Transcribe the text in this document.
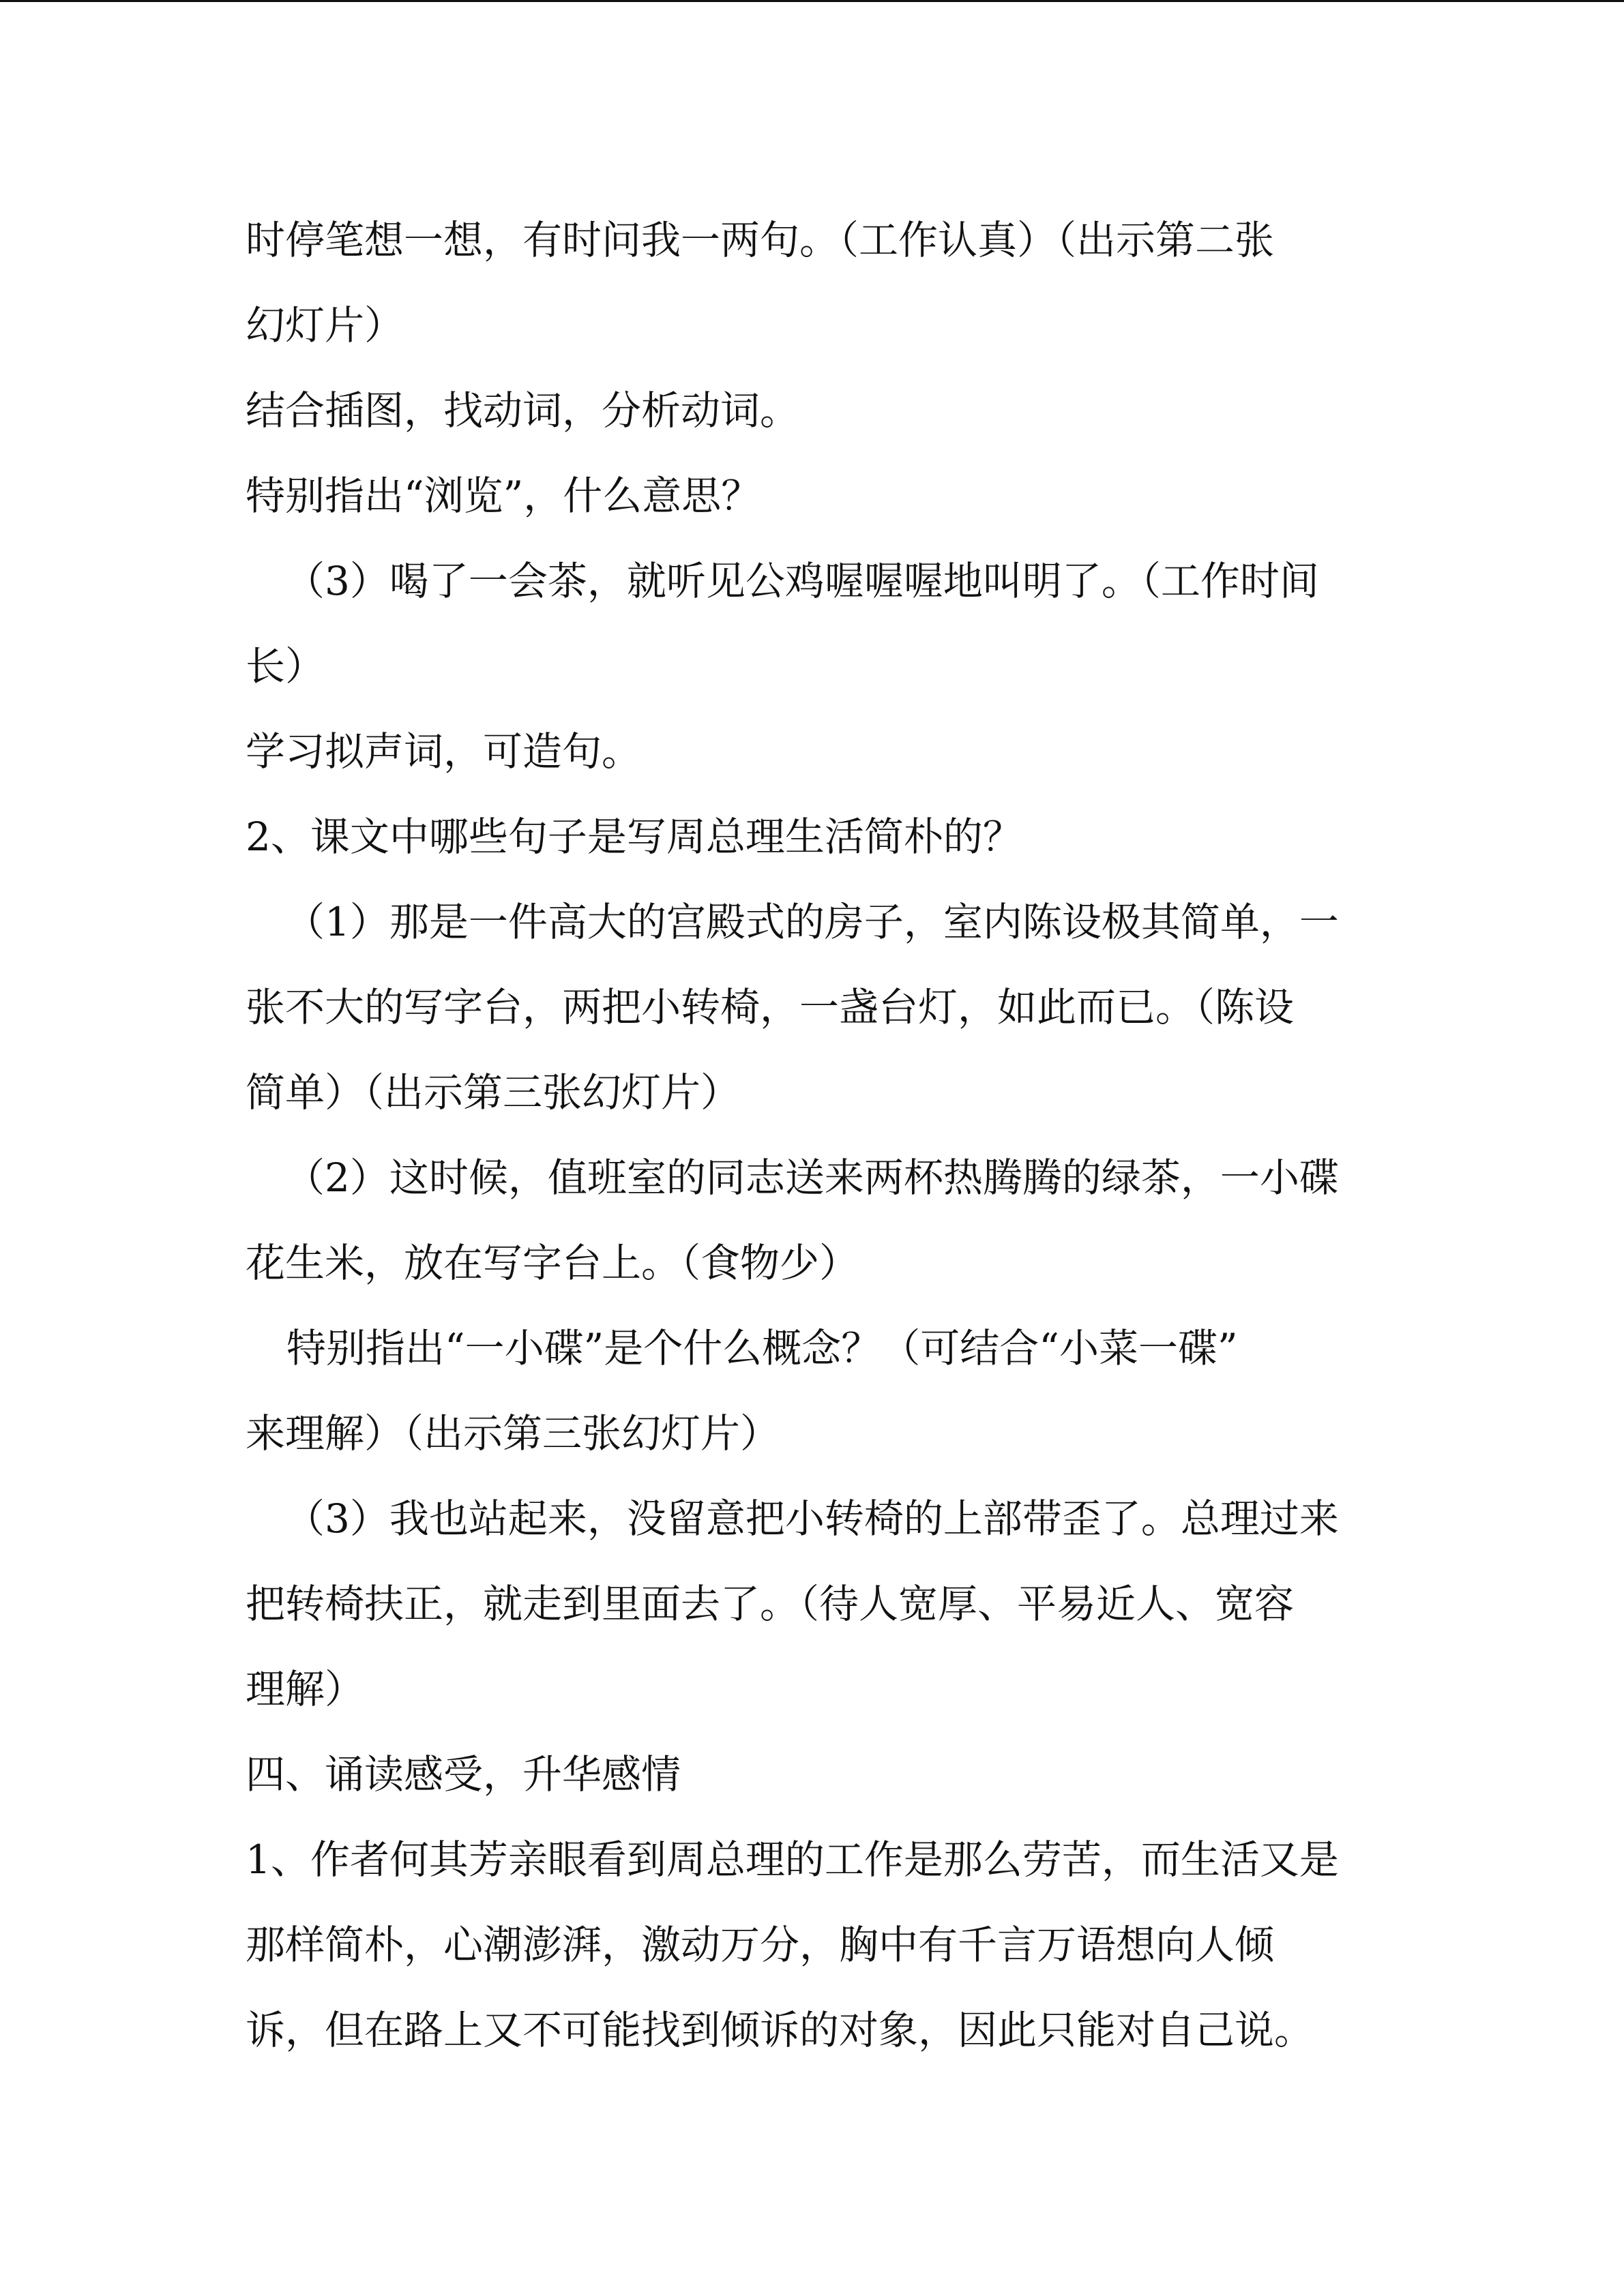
时停笔想一想，有时问我一两句。（工作认真）（出示第二张
幻灯片）
结合插图，找动词，分析动词。
特别指出“浏览”，什么意思？
（3）喝了一会茶，就听见公鸡喔喔喔地叫明了。（工作时间
长）
学习拟声词，可造句。
2、课文中哪些句子是写周总理生活简朴的？
（1）那是一件高大的宫殿式的房子，室内陈设极其简单，一
张不大的写字台，两把小转椅，一盏台灯，如此而已。（陈设
简单）（出示第三张幻灯片）
（2）这时候，值班室的同志送来两杯热腾腾的绿茶，一小碟
花生米，放在写字台上。（食物少）
特别指出“一小碟”是个什么概念？（可结合“小菜一碟”
来理解）（出示第三张幻灯片）
（3）我也站起来，没留意把小转椅的上部带歪了。总理过来
把转椅扶正，就走到里面去了。（待人宽厚、平易近人、宽容
理解）
四、诵读感受，升华感情
1、作者何其芳亲眼看到周总理的工作是那么劳苦，而生活又是
那样简朴，心潮澎湃，激动万分，胸中有千言万语想向人倾
诉，但在路上又不可能找到倾诉的对象，因此只能对自己说。
